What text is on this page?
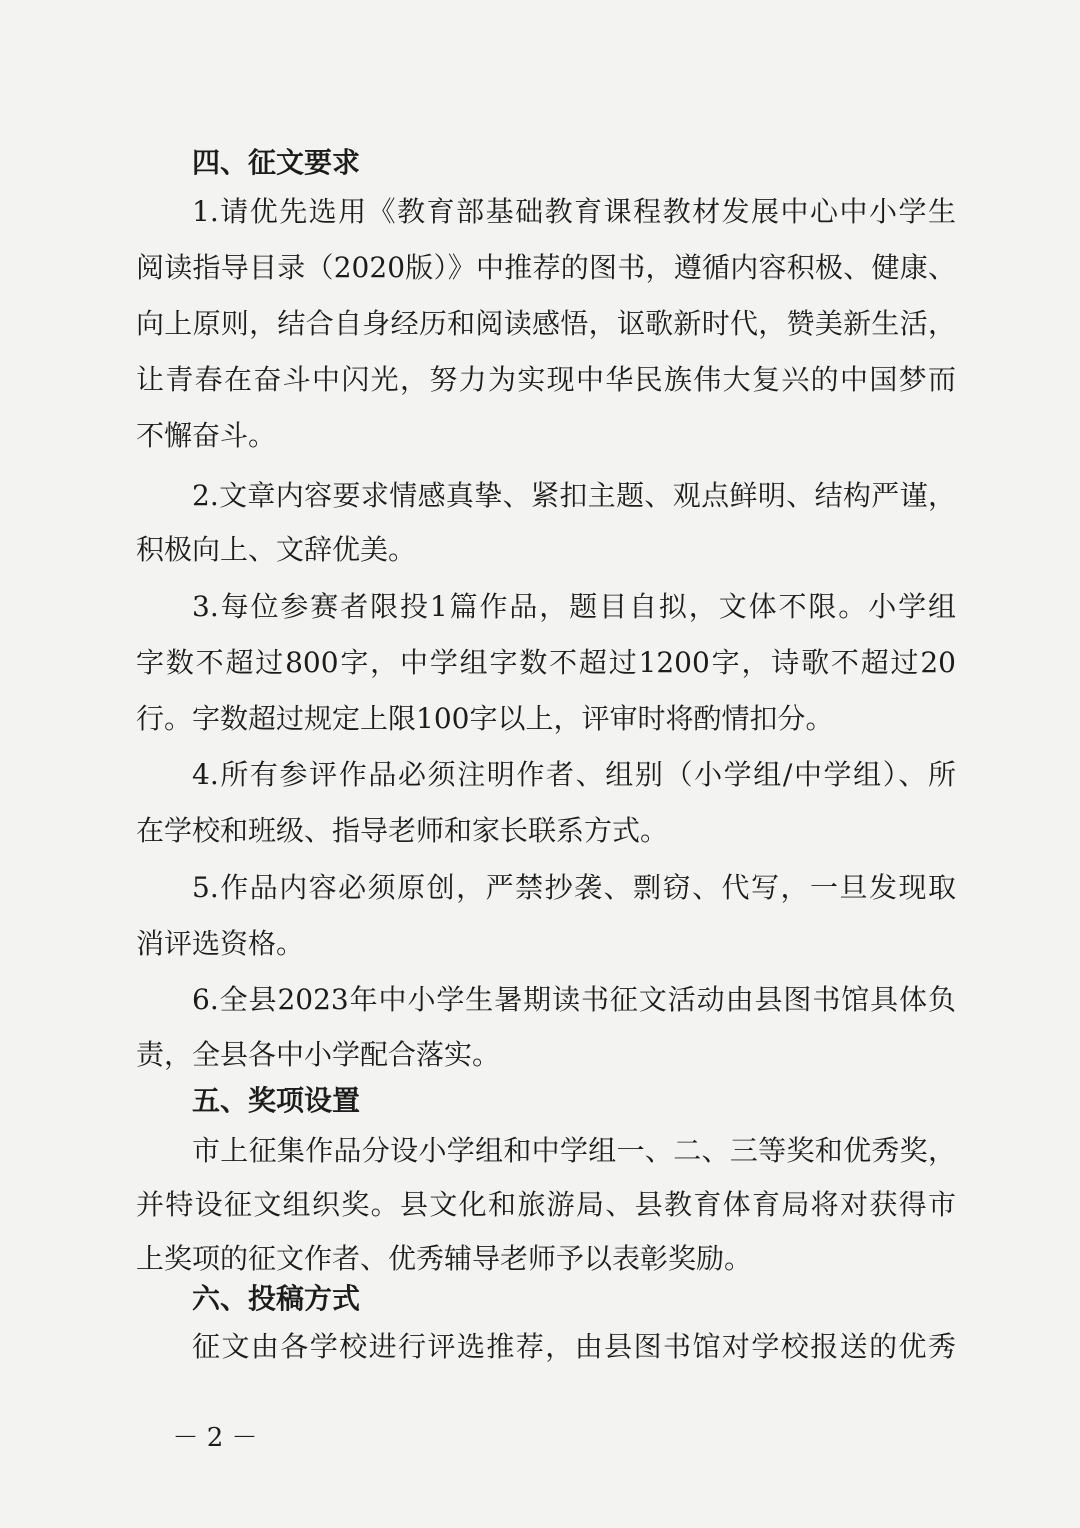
四、征文要求
1.请优先选用《教育部基础教育课程教材发展中心中小学生
阅读指导目录（2020版）》中推荐的图书，遵循内容积极、健康、
向上原则，结合自身经历和阅读感悟，讴歌新时代，赞美新生活，
让青春在奋斗中闪光，努力为实现中华民族伟大复兴的中国梦而
不懈奋斗。
2.文章内容要求情感真挚、紧扣主题、观点鲜明、结构严谨，
积极向上、文辞优美。
3.每位参赛者限投1篇作品，题目自拟，文体不限。小学组
字数不超过800字，中学组字数不超过1200字，诗歌不超过20
行。字数超过规定上限100字以上，评审时将酌情扣分。
4.所有参评作品必须注明作者、组别（小学组/中学组）、所
在学校和班级、指导老师和家长联系方式。
5.作品内容必须原创，严禁抄袭、剽窃、代写，一旦发现取
消评选资格。
6.全县2023年中小学生暑期读书征文活动由县图书馆具体负
责，全县各中小学配合落实。
五、奖项设置
市上征集作品分设小学组和中学组一、二、三等奖和优秀奖，
并特设征文组织奖。县文化和旅游局、县教育体育局将对获得市
上奖项的征文作者、优秀辅导老师予以表彰奖励。
六、投稿方式
征文由各学校进行评选推荐，由县图书馆对学校报送的优秀
－ 2 －
